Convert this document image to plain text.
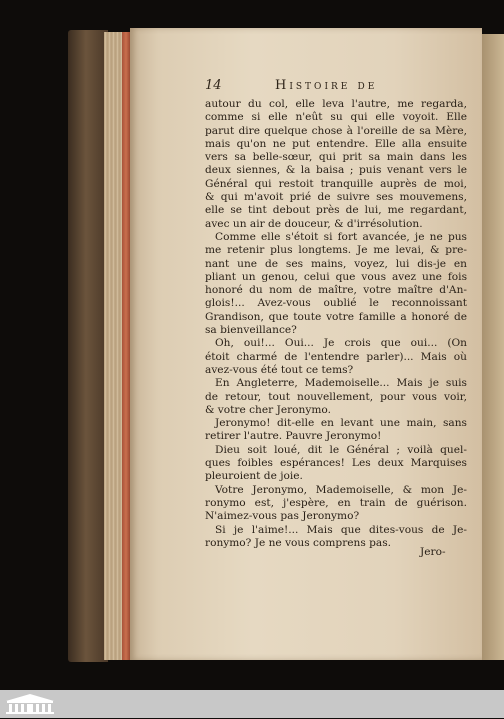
14	Histoire de
autour du col, elle leva l'autre, me regarda,
comme si elle n'eût su qui elle voyoit. Elle
parut dire quelque chose à l'oreille de sa Mère,
mais qu'on ne put entendre. Elle alla ensuite
vers sa belle-sœur, qui prit sa main dans les
deux siennes, & la baisa ; puis venant vers le
Général qui restoit tranquille auprès de moi,
& qui m'avoit prié de suivre ses mouvemens,
elle se tint debout près de lui, me regardant,
avec un air de douceur, & d'irrésolution.
Comme elle s'étoit si fort avancée, je ne pus
me retenir plus longtems. Je me levai, & pre-
nant une de ses mains, voyez, lui dis-je en
pliant un genou, celui que vous avez une fois
honoré du nom de maître, votre maître d'An-
glois!... Avez-vous oublié le reconnoissant
Grandison, que toute votre famille a honoré de
sa bienveillance?
Oh, oui!... Oui... Je crois que oui... (On
étoit charmé de l'entendre parler)... Mais où
avez-vous été tout ce tems?
En Angleterre, Mademoiselle... Mais je suis
de retour, tout nouvellement, pour vous voir,
& votre cher Jeronymo.
Jeronymo! dit-elle en levant une main, sans
retirer l'autre. Pauvre Jeronymo!
Dieu soit loué, dit le Général ; voilà quel-
ques foibles espérances! Les deux Marquises
pleuroient de joie.
Votre Jeronymo, Mademoiselle, & mon Je-
ronymo est, j'espère, en train de guérison.
N'aimez-vous pas Jeronymo?
Si je l'aime!... Mais que dites-vous de Je-
ronymo? Je ne vous comprens pas.
Jero-
